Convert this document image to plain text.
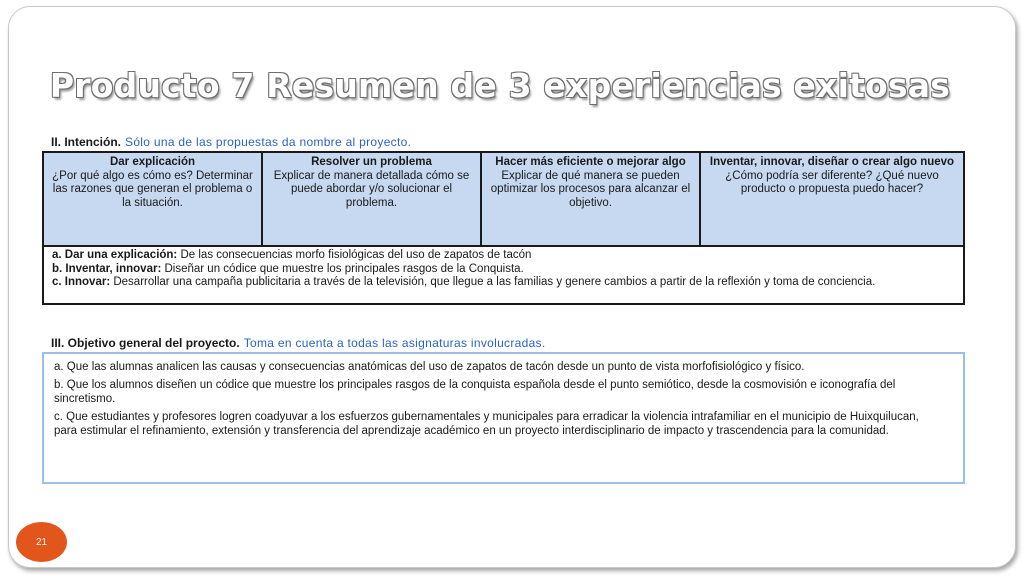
Producto 7 Resumen de 3 experiencias exitosas
II. Intención. Sólo una de las propuestas da nombre al proyecto.
Dar explicación
¿Por qué algo es cómo es? Determinar las razones que generan el problema o la situación.
Resolver un problema
Explicar de manera detallada cómo se puede abordar y/o solucionar el problema.
Hacer más eficiente o mejorar algo
Explicar de qué manera se pueden optimizar los procesos para alcanzar el objetivo.
Inventar, innovar, diseñar o crear algo nuevo
¿Cómo podría ser diferente? ¿Qué nuevo producto o propuesta puedo hacer?
a. Dar una explicación: De las consecuencias morfo fisiológicas del uso de zapatos de tacón
b. Inventar, innovar: Diseñar un códice que muestre los principales rasgos de la Conquista.
c. Innovar: Desarrollar una campaña publicitaria a través de la televisión, que llegue a las familias y genere cambios a partir de la reflexión y toma de conciencia.
III. Objetivo general del proyecto. Toma en cuenta a todas las asignaturas involucradas.

a. Que las alumnas analicen las causas y consecuencias anatómicas del uso de zapatos de tacón desde un punto de vista morfofisiológico y físico.

b. Que los alumnos diseñen un códice que muestre los principales rasgos de la conquista española desde el punto semiótico, desde la cosmovisión e iconografía del sincretismo.

c. Que estudiantes y profesores logren coadyuvar a los esfuerzos gubernamentales y municipales para erradicar la violencia intrafamiliar en el municipio de Huixquilucan, para estimular el refinamiento, extensión y transferencia del aprendizaje académico en un proyecto interdisciplinario de impacto y trascendencia para la comunidad.

21
